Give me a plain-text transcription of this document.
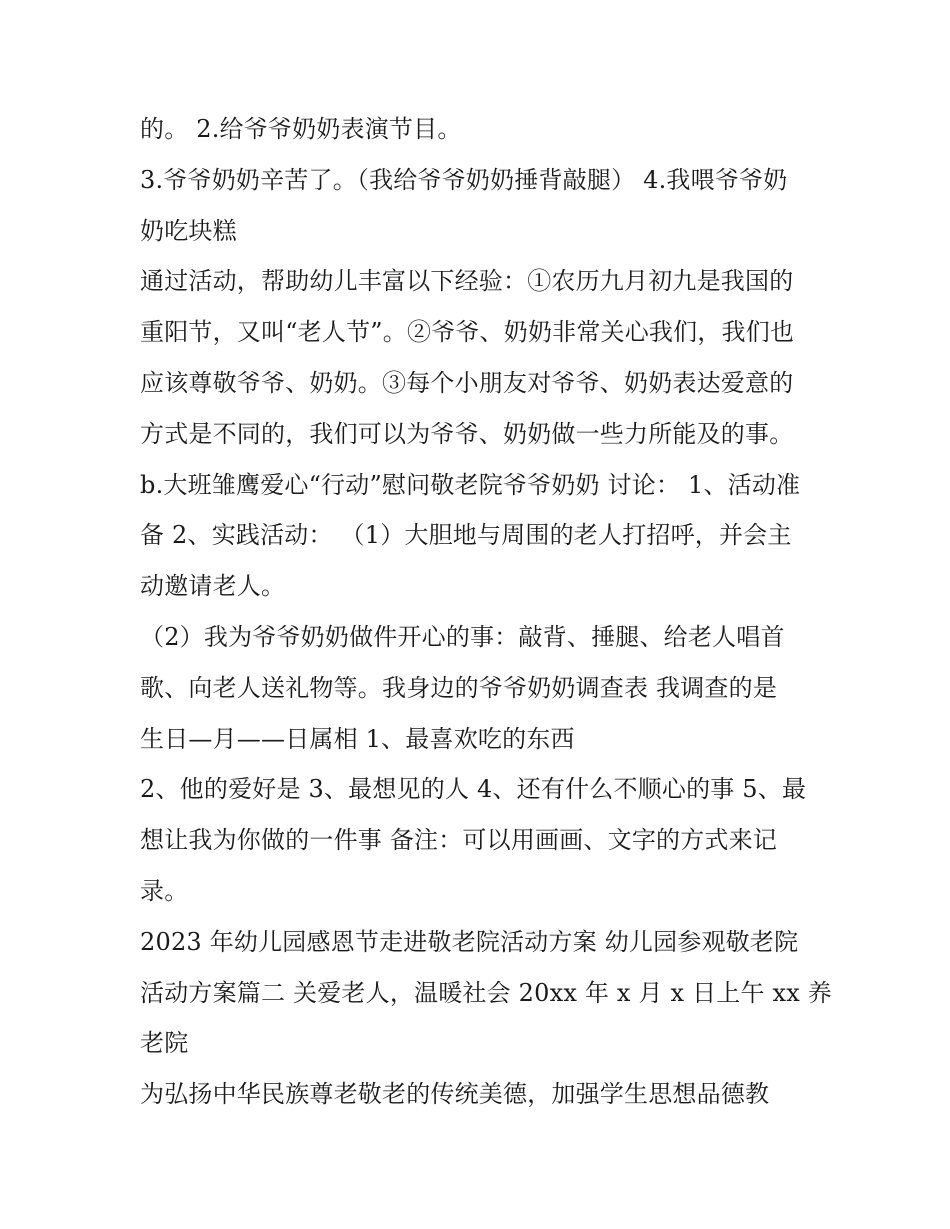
的。 2.给爷爷奶奶表演节目。
3.爷爷奶奶辛苦了。（我给爷爷奶奶捶背敲腿） 4.我喂爷爷奶
奶吃块糕
通过活动，帮助幼儿丰富以下经验：①农历九月初九是我国的
重阳节，又叫“老人节”。②爷爷、奶奶非常关心我们，我们也
应该尊敬爷爷、奶奶。③每个小朋友对爷爷、奶奶表达爱意的
方式是不同的，我们可以为爷爷、奶奶做一些力所能及的事。
b.大班雏鹰爱心“行动”慰问敬老院爷爷奶奶 讨论： 1、活动准
备 2、实践活动： （1）大胆地与周围的老人打招呼，并会主
动邀请老人。
（2）我为爷爷奶奶做件开心的事：敲背、捶腿、给老人唱首
歌、向老人送礼物等。我身边的爷爷奶奶调查表 我调查的是
生日—月——日属相 1、最喜欢吃的东西
2、他的爱好是 3、最想见的人 4、还有什么不顺心的事 5、最
想让我为你做的一件事 备注：可以用画画、文字的方式来记
录。
2023 年幼儿园感恩节走进敬老院活动方案 幼儿园参观敬老院
活动方案篇二 关爱老人，温暖社会 20xx 年 x 月 x 日上午 xx 养
老院
为弘扬中华民族尊老敬老的传统美德，加强学生思想品德教
